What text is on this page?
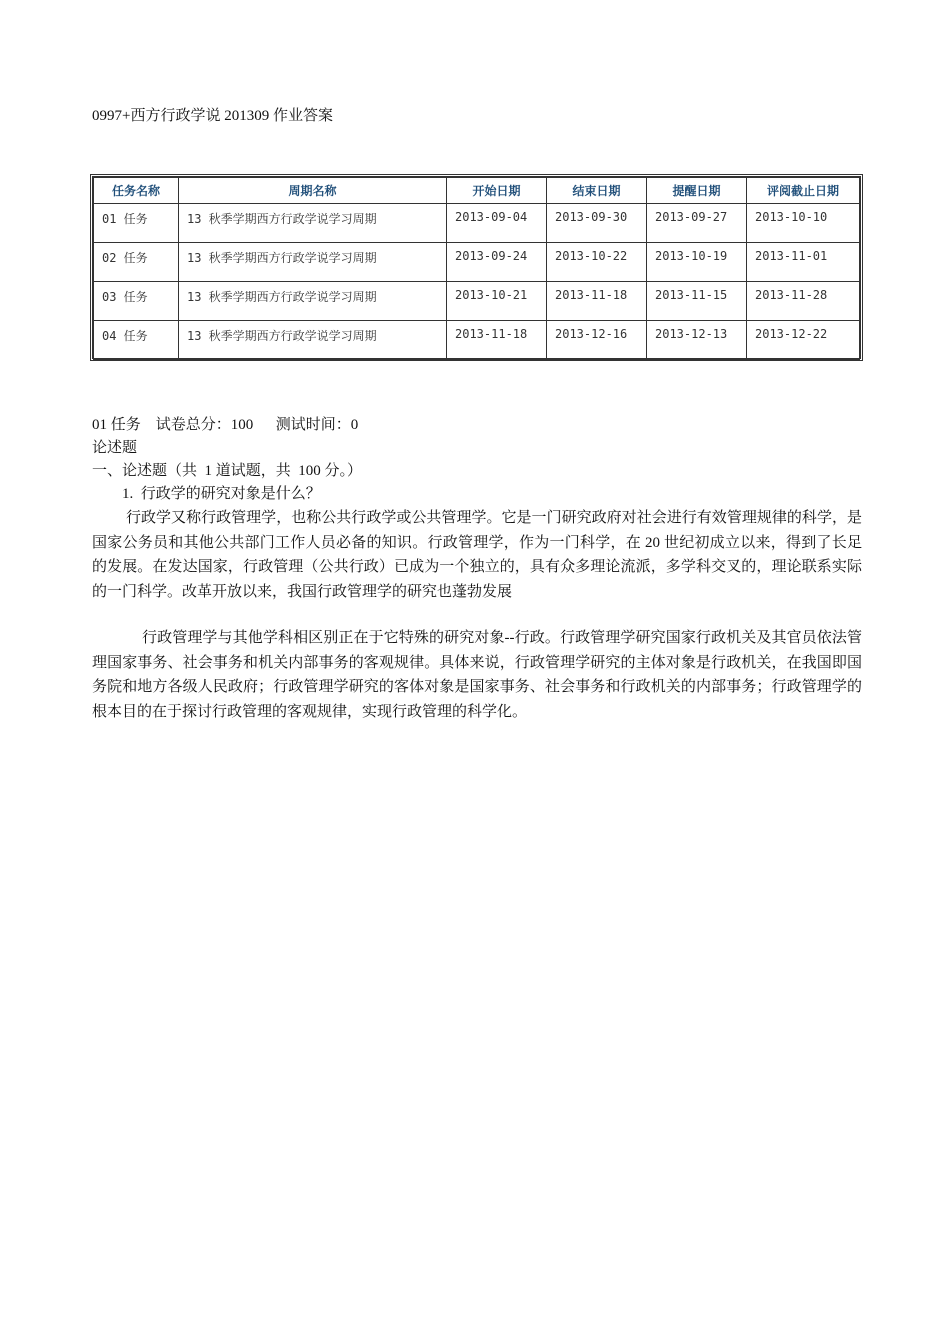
0997+西方行政学说 201309 作业答案
任务名称	周期名称	开始日期	结束日期	提醒日期	评阅截止日期
01 任务	13 秋季学期西方行政学说学习周期	2013-09-04	2013-09-30	2013-09-27	2013-10-10
02 任务	13 秋季学期西方行政学说学习周期	2013-09-24	2013-10-22	2013-10-19	2013-11-01
03 任务	13 秋季学期西方行政学说学习周期	2013-10-21	2013-11-18	2013-11-15	2013-11-28
04 任务	13 秋季学期西方行政学说学习周期	2013-11-18	2013-12-16	2013-12-13	2013-12-22
01 任务    试卷总分：100      测试时间：0
论述题
一、论述题（共  1 道试题，共  100 分。）
1.  行政学的研究对象是什么？

行政学又称行政管理学，也称公共行政学或公共管理学。它是一门研究政府对社会进行有效管理规律的科学，是国家公务员和其他公共部门工作人员必备的知识。行政管理学，作为一门科学，在 20 世纪初成立以来，得到了长足的发展。在发达国家，行政管理（公共行政）已成为一个独立的，具有众多理论流派，多学科交叉的，理论联系实际的一门科学。改革开放以来，我国行政管理学的研究也蓬勃发展

行政管理学与其他学科相区别正在于它特殊的研究对象--行政。行政管理学研究国家行政机关及其官员依法管理国家事务、社会事务和机关内部事务的客观规律。具体来说，行政管理学研究的主体对象是行政机关，在我国即国务院和地方各级人民政府；行政管理学研究的客体对象是国家事务、社会事务和行政机关的内部事务；行政管理学的根本目的在于探讨行政管理的客观规律，实现行政管理的科学化。
